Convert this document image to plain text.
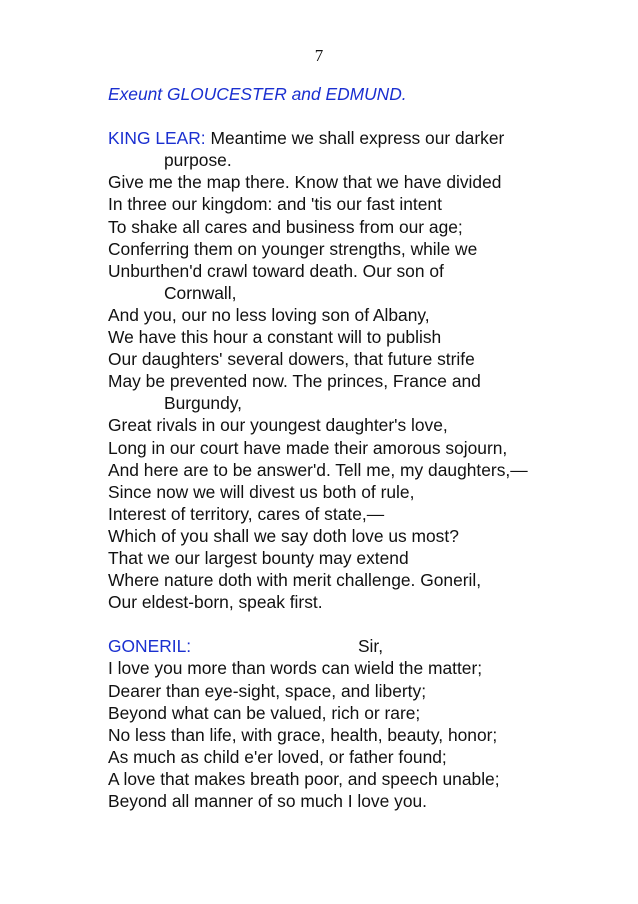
7
Exeunt GLOUCESTER and EDMUND.
KING LEAR: Meantime we shall express our darker
purpose.
Give me the map there. Know that we have divided
In three our kingdom: and 'tis our fast intent
To shake all cares and business from our age;
Conferring them on younger strengths, while we
Unburthen'd crawl toward death. Our son of
Cornwall,
And you, our no less loving son of Albany,
We have this hour a constant will to publish
Our daughters' several dowers, that future strife
May be prevented now. The princes, France and
Burgundy,
Great rivals in our youngest daughter's love,
Long in our court have made their amorous sojourn,
And here are to be answer'd. Tell me, my daughters,—
Since now we will divest us both of rule,
Interest of territory, cares of state,—
Which of you shall we say doth love us most?
That we our largest bounty may extend
Where nature doth with merit challenge. Goneril,
Our eldest-born, speak first.
GONERIL:	Sir,
I love you more than words can wield the matter;
Dearer than eye-sight, space, and liberty;
Beyond what can be valued, rich or rare;
No less than life, with grace, health, beauty, honor;
As much as child e'er loved, or father found;
A love that makes breath poor, and speech unable;
Beyond all manner of so much I love you.
